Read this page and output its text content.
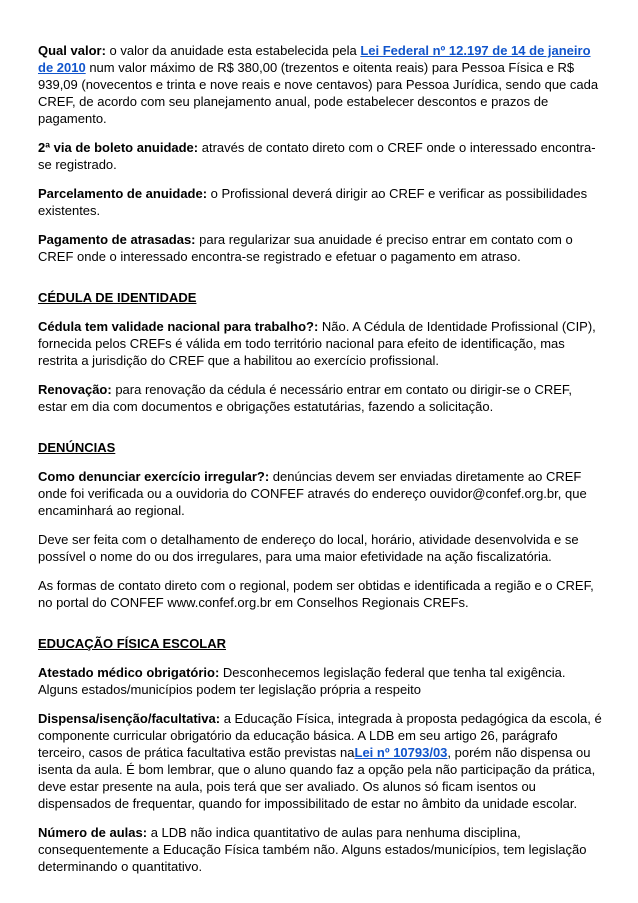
Qual valor: o valor da anuidade esta estabelecida pela Lei Federal nº 12.197 de 14 de janeiro de 2010 num valor máximo de R$ 380,00 (trezentos e oitenta reais) para Pessoa Física e R$ 939,09 (novecentos e trinta e nove reais e nove centavos) para Pessoa Jurídica, sendo que cada CREF, de acordo com seu planejamento anual, pode estabelecer descontos e prazos de pagamento.

2ª via de boleto anuidade: através de contato direto com o CREF onde o interessado encontra-se registrado.

Parcelamento de anuidade: o Profissional deverá dirigir ao CREF e verificar as possibilidades existentes.

Pagamento de atrasadas: para regularizar sua anuidade é preciso entrar em contato com o CREF onde o interessado encontra-se registrado e efetuar o pagamento em atraso.

CÉDULA DE IDENTIDADE

Cédula tem validade nacional para trabalho?: Não. A Cédula de Identidade Profissional (CIP), fornecida pelos CREFs é válida em todo território nacional para efeito de identificação, mas restrita a jurisdição do CREF que a habilitou ao exercício profissional.

Renovação: para renovação da cédula é necessário entrar em contato ou dirigir-se o CREF, estar em dia com documentos e obrigações estatutárias, fazendo a solicitação.

DENÚNCIAS

Como denunciar exercício irregular?: denúncias devem ser enviadas diretamente ao CREF onde foi verificada ou a ouvidoria do CONFEF através do endereço ouvidor@confef.org.br, que encaminhará ao regional.

Deve ser feita com o detalhamento de endereço do local, horário, atividade desenvolvida e se possível o nome do ou dos irregulares, para uma maior efetividade na ação fiscalizatória.

As formas de contato direto com o regional, podem ser obtidas e identificada a região e o CREF, no portal do CONFEF www.confef.org.br em Conselhos Regionais CREFs.

EDUCAÇÃO FÍSICA ESCOLAR

Atestado médico obrigatório: Desconhecemos legislação federal que tenha tal exigência. Alguns estados/municípios podem ter legislação própria a respeito

Dispensa/isenção/facultativa: a Educação Física, integrada à proposta pedagógica da escola, é componente curricular obrigatório da educação básica. A LDB em seu artigo 26, parágrafo terceiro, casos de prática facultativa estão previstas naLei nº 10793/03, porém não dispensa ou isenta da aula. É bom lembrar, que o aluno quando faz a opção pela não participação da prática, deve estar presente na aula, pois terá que ser avaliado. Os alunos só ficam isentos ou dispensados de frequentar, quando for impossibilitado de estar no âmbito da unidade escolar.

Número de aulas: a LDB não indica quantitativo de aulas para nenhuma disciplina, consequentemente a Educação Física também não. Alguns estados/municípios, tem legislação determinando o quantitativo.
